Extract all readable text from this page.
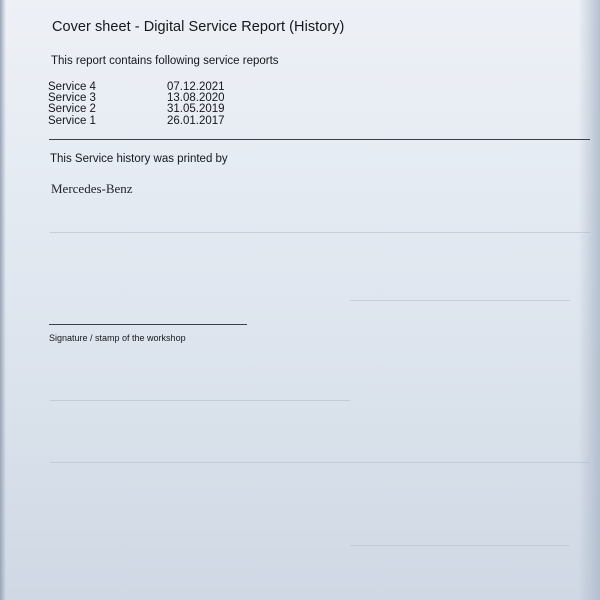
Cover sheet - Digital Service Report (History)
This report contains following service reports
Service 4	07.12.2021
Service 3	13.08.2020
Service 2	31.05.2019
Service 1	26.01.2017
This Service history was printed by
Mercedes-Benz
Signature / stamp of the workshop
